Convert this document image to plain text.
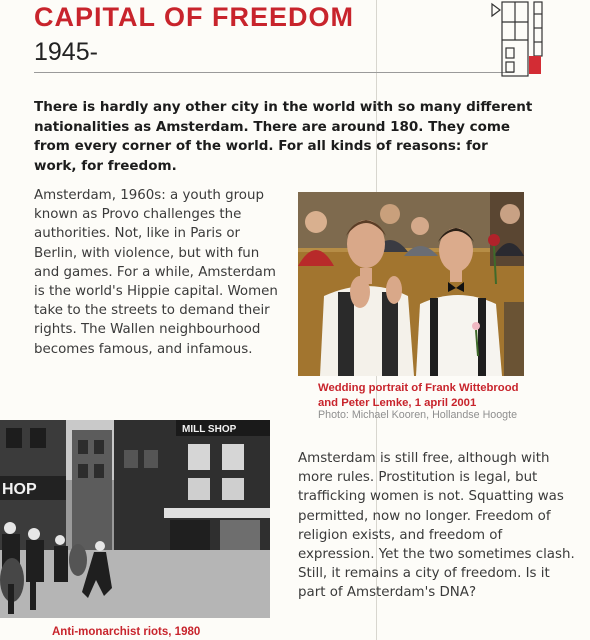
CAPITAL OF FREEDOM
1945-

There is hardly any other city in the world with so many different nationalities as Amsterdam. There are around 180. They come from every corner of the world. For all kinds of reasons: for work, for freedom.

Amsterdam, 1960s: a youth group known as Provo challenges the authorities. Not, like in Paris or Berlin, with violence, but with fun and games. For a while, Amsterdam is the world's Hippie capital. Women take to the streets to demand their rights. The Wallen neighbourhood becomes famous, and infamous.

Wedding portrait of Frank Wittebrood
and Peter Lemke, 1 april 2001

Photo: Michael Kooren, Hollandse Hoogte

HOP
MILL SHOP

Anti-monarchist riots, 1980

Amsterdam is still free, although with more rules. Prostitution is legal, but trafficking women is not. Squatting was permitted, now no longer. Freedom of religion exists, and freedom of expression. Yet the two sometimes clash. Still, it remains a city of freedom. Is it part of Amsterdam's DNA?
